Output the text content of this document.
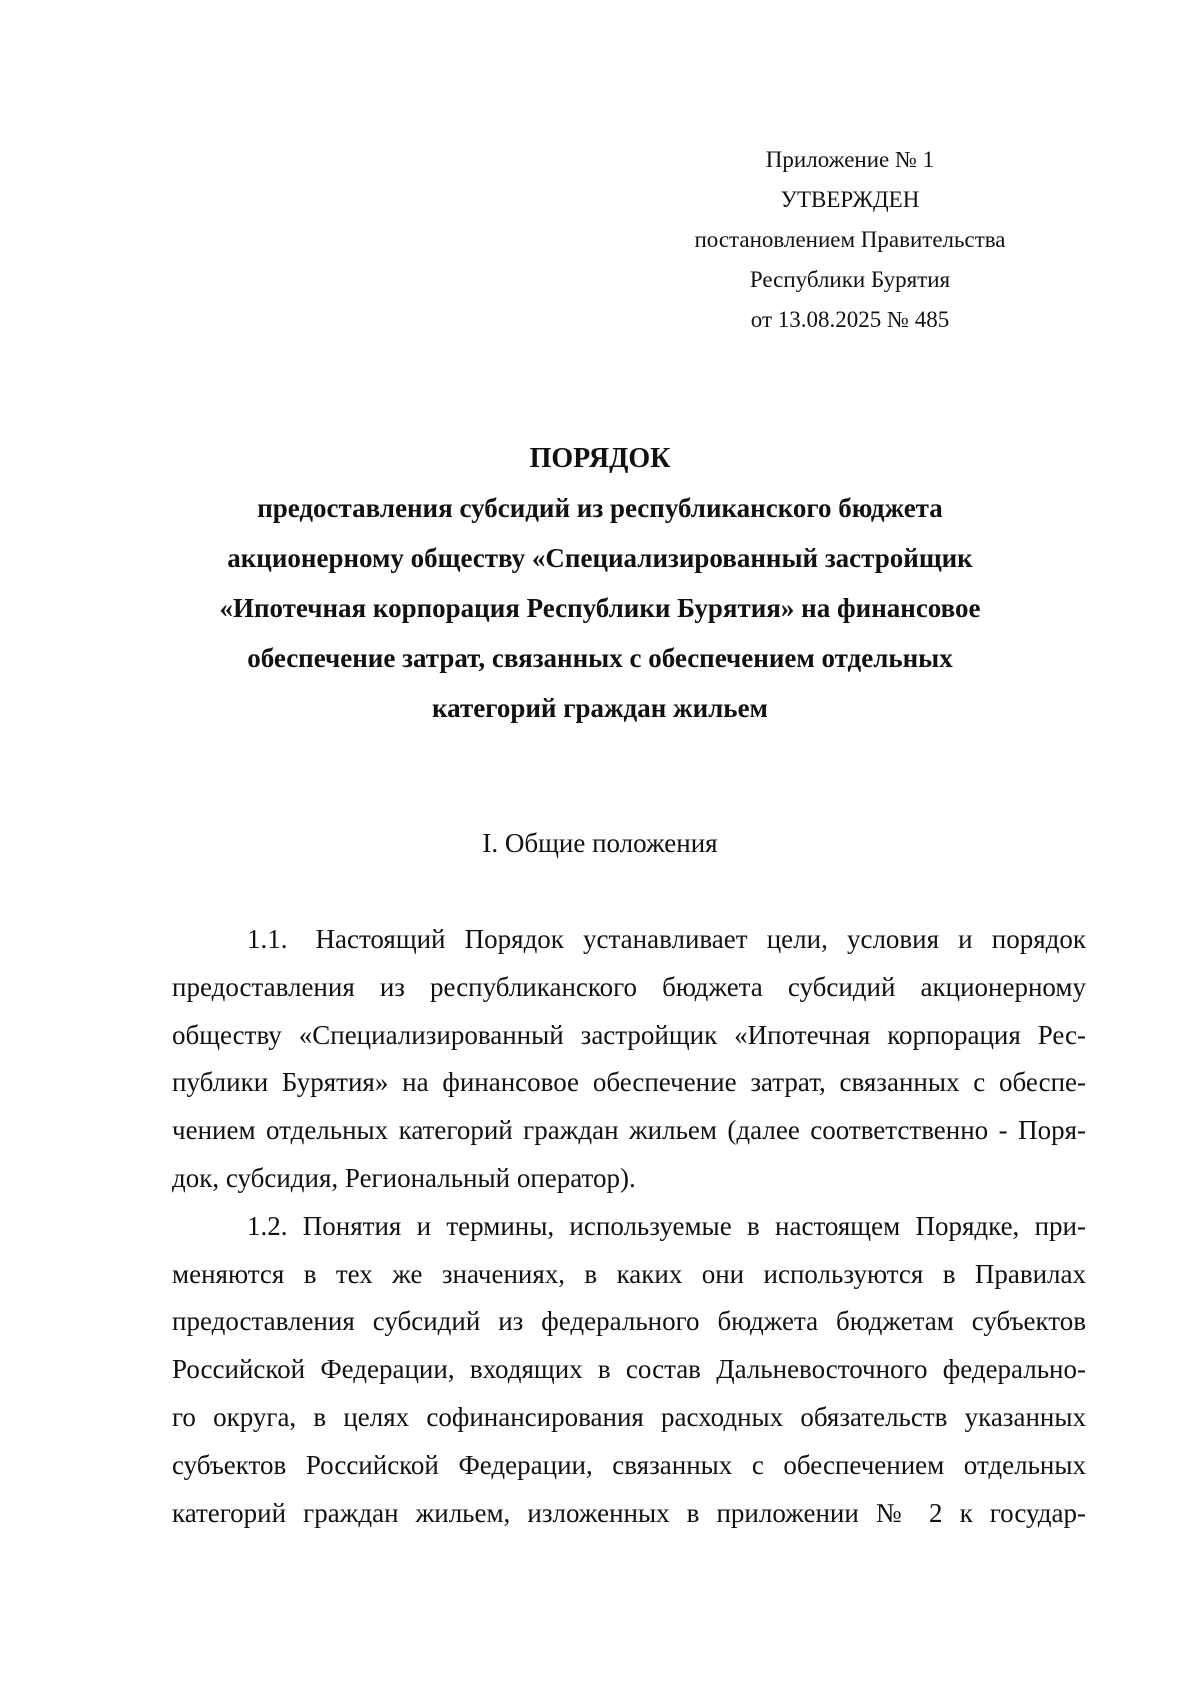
Приложение № 1
УТВЕРЖДЕН
постановлением Правительства
Республики Бурятия
от 13.08.2025 № 485
ПОРЯДОК
предоставления субсидий из республиканского бюджета
акционерному обществу «Специализированный застройщик
«Ипотечная корпорация Республики Бурятия» на финансовое
обеспечение затрат, связанных с обеспечением отдельных
категорий граждан жильем
I. Общие положения
1.1. Настоящий Порядок устанавливает цели, условия и порядок
предоставления из республиканского бюджета субсидий акционерному
обществу «Специализированный застройщик «Ипотечная корпорация Рес-
публики Бурятия» на финансовое обеспечение затрат, связанных с обеспе-
чением отдельных категорий граждан жильем (далее соответственно - Поря-
док, субсидия, Региональный оператор).
1.2. Понятия и термины, используемые в настоящем Порядке, при-
меняются в тех же значениях, в каких они используются в Правилах
предоставления субсидий из федерального бюджета бюджетам субъектов
Российской Федерации, входящих в состав Дальневосточного федерально-
го округа, в целях софинансирования расходных обязательств указанных
субъектов Российской Федерации, связанных с обеспечением отдельных
категорий граждан жильем, изложенных в приложении № 2 к государ-
